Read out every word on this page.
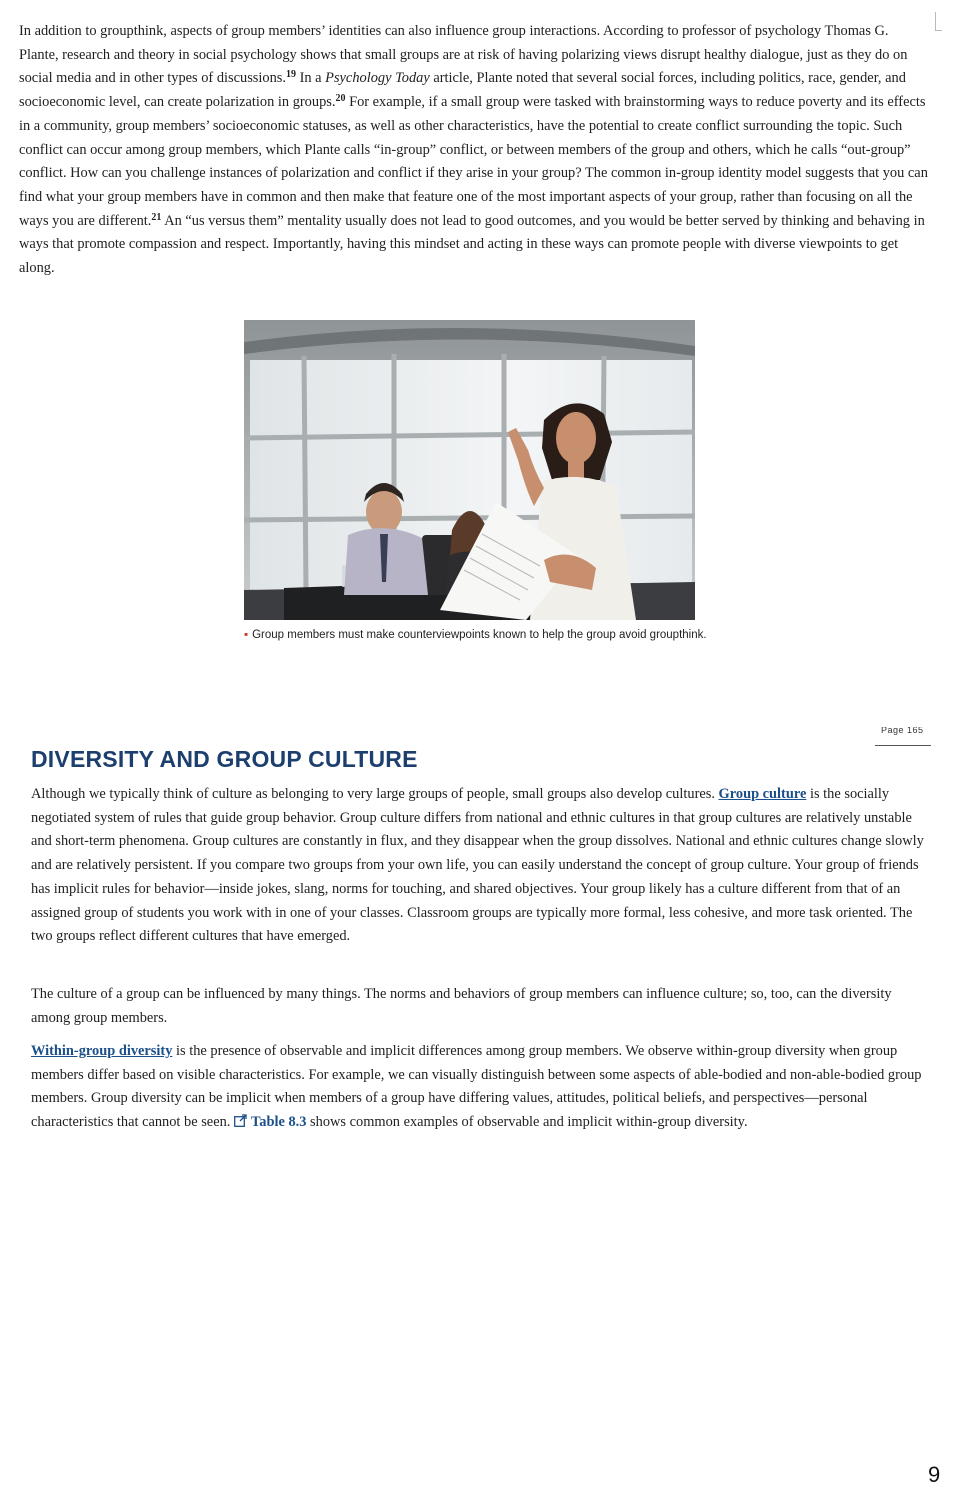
In addition to groupthink, aspects of group members’ identities can also influence group interactions. According to professor of psychology Thomas G. Plante, research and theory in social psychology shows that small groups are at risk of having polarizing views disrupt healthy dialogue, just as they do on social media and in other types of discussions.$^{19}$ In a Psychology Today article, Plante noted that several social forces, including politics, race, gender, and socioeconomic level, can create polarization in groups.$^{20}$ For example, if a small group were tasked with brainstorming ways to reduce poverty and its effects in a community, group members’ socioeconomic statuses, as well as other characteristics, have the potential to create conflict surrounding the topic. Such conflict can occur among group members, which Plante calls “in-group” conflict, or between members of the group and others, which he calls “out-group” conflict. How can you challenge instances of polarization and conflict if they arise in your group? The common in-group identity model suggests that you can find what your group members have in common and then make that feature one of the most important aspects of your group, rather than focusing on all the ways you are different.$^{21}$ An “us versus them” mentality usually does not lead to good outcomes, and you would be better served by thinking and behaving in ways that promote compassion and respect. Importantly, having this mindset and acting in these ways can promote people with diverse viewpoints to get along.

▪ Group members must make counterviewpoints known to help the group avoid groupthink.
Page 165
DIVERSITY AND GROUP CULTURE

Although we typically think of culture as belonging to very large groups of people, small groups also develop cultures. Group culture is the socially negotiated system of rules that guide group behavior. Group culture differs from national and ethnic cultures in that group cultures are relatively unstable and short-term phenomena. Group cultures are constantly in flux, and they disappear when the group dissolves. National and ethnic cultures change slowly and are relatively persistent. If you compare two groups from your own life, you can easily understand the concept of group culture. Your group of friends has implicit rules for behavior—inside jokes, slang, norms for touching, and shared objectives. Your group likely has a culture different from that of an assigned group of students you work with in one of your classes. Classroom groups are typically more formal, less cohesive, and more task oriented. The two groups reflect different cultures that have emerged.

The culture of a group can be influenced by many things. The norms and behaviors of group members can influence culture; so, too, can the diversity among group members.

Within-group diversity is the presence of observable and implicit differences among group members. We observe within-group diversity when group members differ based on visible characteristics. For example, we can visually distinguish between some aspects of able-bodied and non-able-bodied group members. Group diversity can be implicit when members of a group have differing values, attitudes, political beliefs, and perspectives—personal characteristics that cannot be seen. Table 8.3 shows common examples of observable and implicit within-group diversity.

9
